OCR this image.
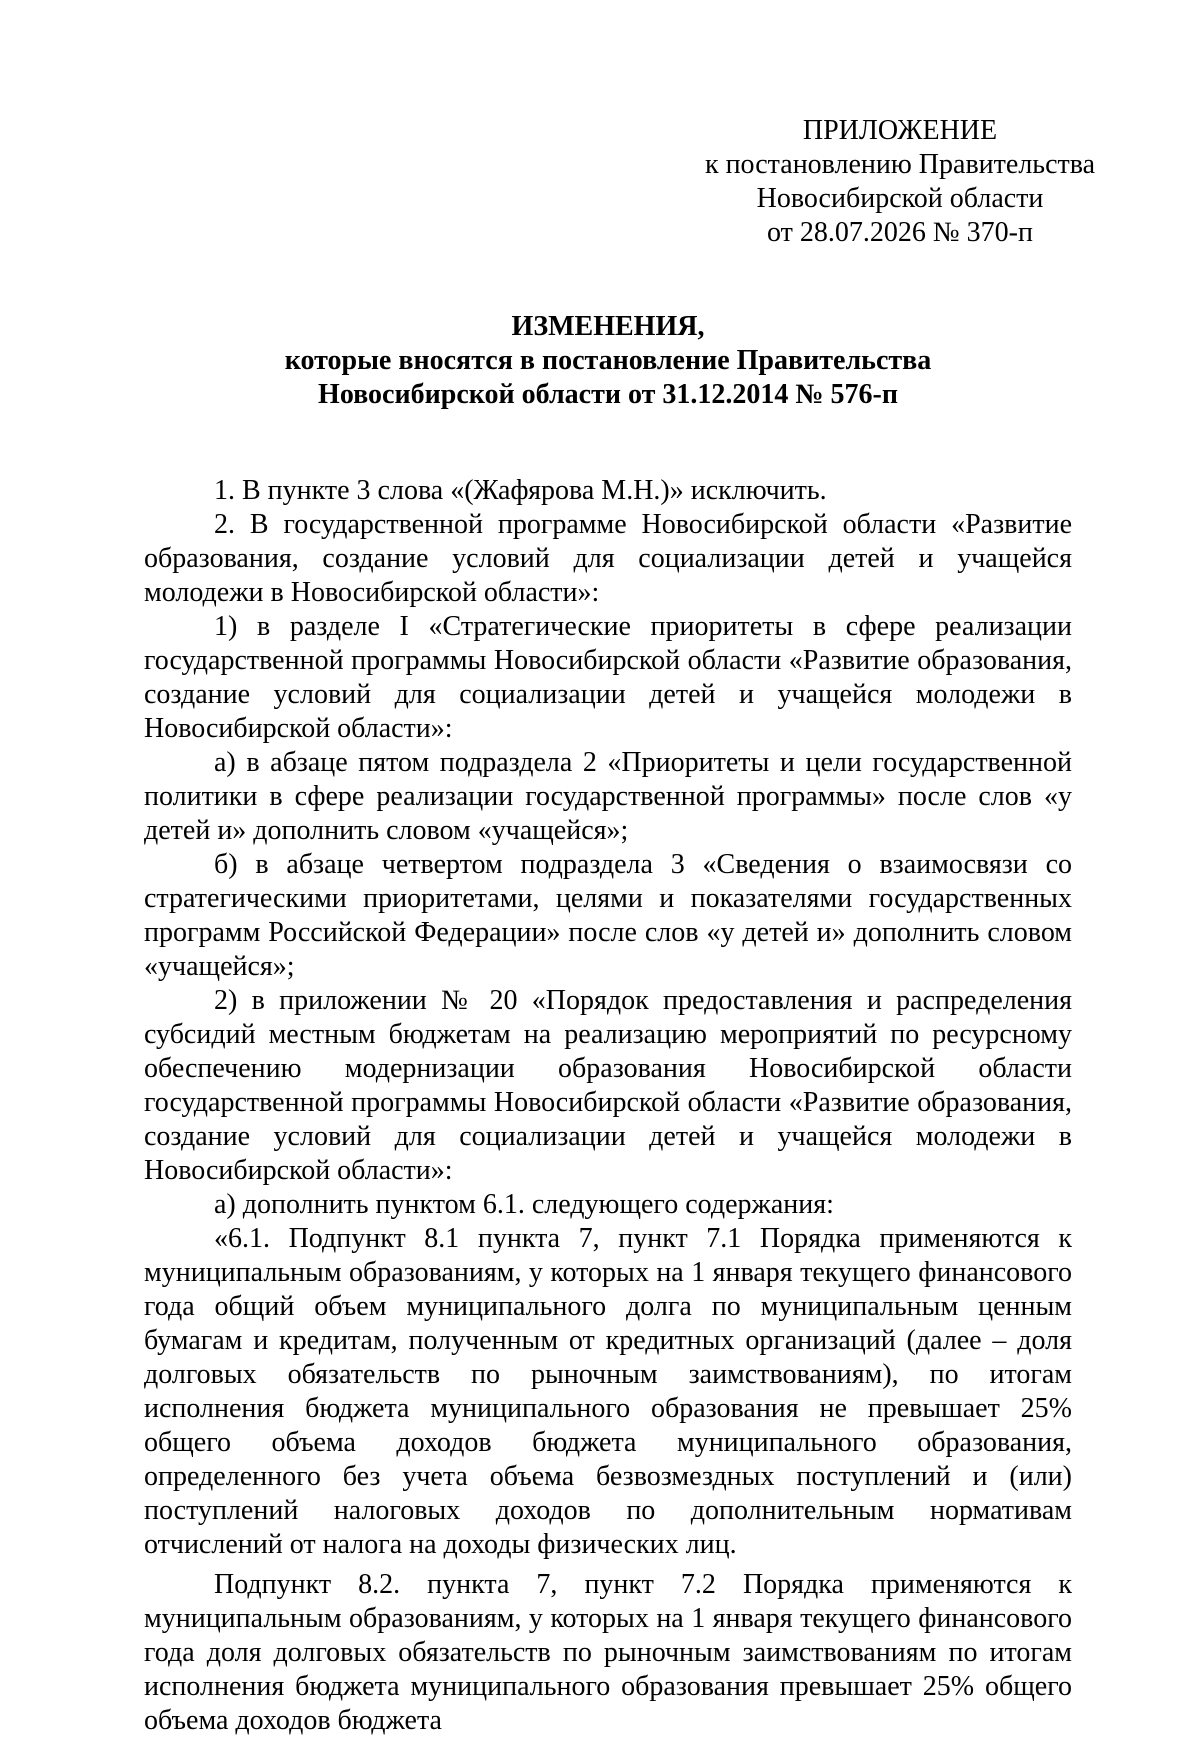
ПРИЛОЖЕНИЕ
к постановлению Правительства
Новосибирской области
от 28.07.2026 № 370-п
ИЗМЕНЕНИЯ,
которые вносятся в постановление Правительства
Новосибирской области от 31.12.2014 № 576-п

1. В пункте 3 слова «(Жафярова М.Н.)» исключить.

2. В государственной программе Новосибирской области «Развитие образования, создание условий для социализации детей и учащейся молодежи в Новосибирской области»:

1) в разделе I «Стратегические приоритеты в сфере реализации государственной программы Новосибирской области «Развитие образования, создание условий для социализации детей и учащейся молодежи в Новосибирской области»:

а) в абзаце пятом подраздела 2 «Приоритеты и цели государственной политики в сфере реализации государственной программы» после слов «у детей и» дополнить словом «учащейся»;

б) в абзаце четвертом подраздела 3 «Сведения о взаимосвязи со стратегическими приоритетами, целями и показателями государственных программ Российской Федерации» после слов «у детей и» дополнить словом «учащейся»;

2) в приложении № 20 «Порядок предоставления и распределения субсидий местным бюджетам на реализацию мероприятий по ресурсному обеспечению модернизации образования Новосибирской области государственной программы Новосибирской области «Развитие образования, создание условий для социализации детей и учащейся молодежи в Новосибирской области»:

а) дополнить пунктом 6.1. следующего содержания:

«6.1. Подпункт 8.1 пункта 7, пункт 7.1 Порядка применяются к муниципальным образованиям, у которых на 1 января текущего финансового года общий объем муниципального долга по муниципальным ценным бумагам и кредитам, полученным от кредитных организаций (далее – доля долговых обязательств по рыночным заимствованиям), по итогам исполнения бюджета муниципального образования не превышает 25% общего объема доходов бюджета муниципального образования, определенного без учета объема безвозмездных поступлений и (или) поступлений налоговых доходов по дополнительным нормативам отчислений от налога на доходы физических лиц.

Подпункт 8.2. пункта 7, пункт 7.2 Порядка применяются к муниципальным образованиям, у которых на 1 января текущего финансового года доля долговых обязательств по рыночным заимствованиям по итогам исполнения бюджета муниципального образования превышает 25% общего объема доходов бюджета
